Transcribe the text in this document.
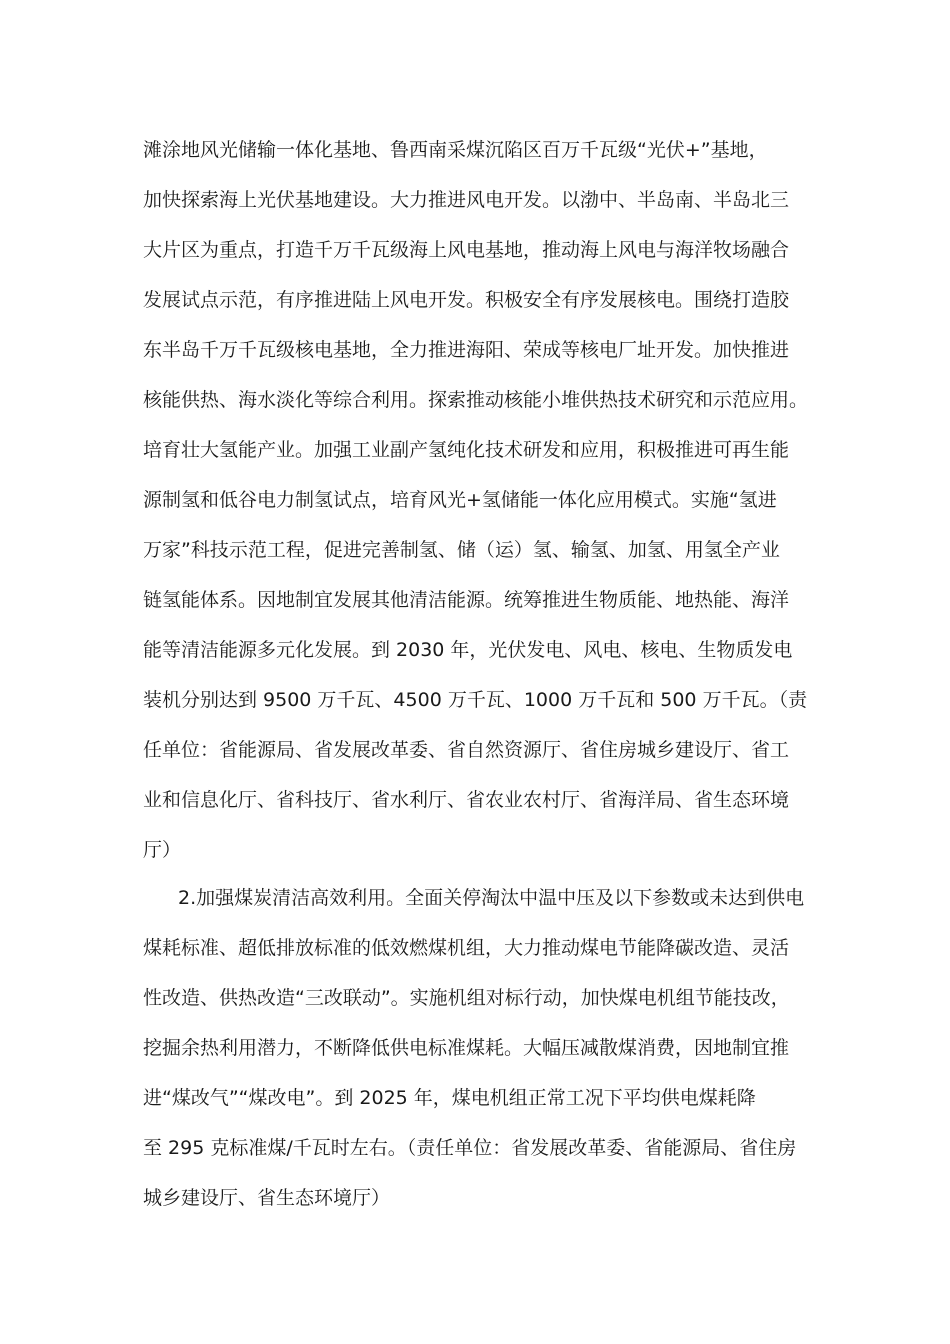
滩涂地风光储输一体化基地、鲁西南采煤沉陷区百万千瓦级“光伏+”基地，
加快探索海上光伏基地建设。大力推进风电开发。以渤中、半岛南、半岛北三
大片区为重点，打造千万千瓦级海上风电基地，推动海上风电与海洋牧场融合
发展试点示范，有序推进陆上风电开发。积极安全有序发展核电。围绕打造胶
东半岛千万千瓦级核电基地，全力推进海阳、荣成等核电厂址开发。加快推进
核能供热、海水淡化等综合利用。探索推动核能小堆供热技术研究和示范应用。
培育壮大氢能产业。加强工业副产氢纯化技术研发和应用，积极推进可再生能
源制氢和低谷电力制氢试点，培育风光+氢储能一体化应用模式。实施“氢进
万家”科技示范工程，促进完善制氢、储（运）氢、输氢、加氢、用氢全产业
链氢能体系。因地制宜发展其他清洁能源。统筹推进生物质能、地热能、海洋
能等清洁能源多元化发展。到 2030 年，光伏发电、风电、核电、生物质发电
装机分别达到 9500 万千瓦、4500 万千瓦、1000 万千瓦和 500 万千瓦。（责
任单位：省能源局、省发展改革委、省自然资源厅、省住房城乡建设厅、省工
业和信息化厅、省科技厅、省水利厅、省农业农村厅、省海洋局、省生态环境
厅）
2.加强煤炭清洁高效利用。全面关停淘汰中温中压及以下参数或未达到供电
煤耗标准、超低排放标准的低效燃煤机组，大力推动煤电节能降碳改造、灵活
性改造、供热改造“三改联动”。实施机组对标行动，加快煤电机组节能技改，
挖掘余热利用潜力，不断降低供电标准煤耗。大幅压减散煤消费，因地制宜推
进“煤改气”“煤改电”。到 2025 年，煤电机组正常工况下平均供电煤耗降
至 295 克标准煤/千瓦时左右。（责任单位：省发展改革委、省能源局、省住房
城乡建设厅、省生态环境厅）
